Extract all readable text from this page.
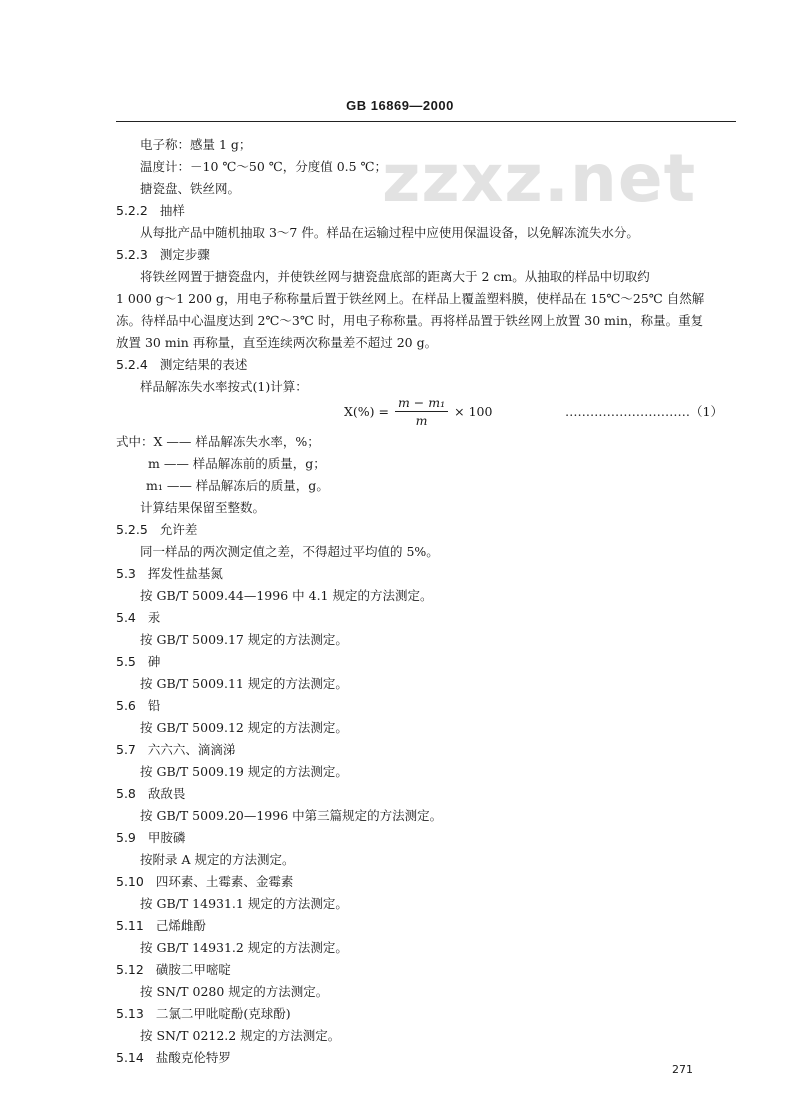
GB 16869—2000
zzxz.net
电子称：感量 1 g；
温度计：－10 ℃～50 ℃，分度值 0.5 ℃；
搪瓷盘、铁丝网。
5.2.2 抽样
从每批产品中随机抽取 3～7 件。样品在运输过程中应使用保温设备，以免解冻流失水分。
5.2.3 测定步骤
将铁丝网置于搪瓷盘内，并使铁丝网与搪瓷盘底部的距离大于 2 cm。从抽取的样品中切取约
1 000 g～1 200 g，用电子称称量后置于铁丝网上。在样品上覆盖塑料膜，使样品在 15℃～25℃ 自然解
冻。待样品中心温度达到 2℃～3℃ 时，用电子称称量。再将样品置于铁丝网上放置 30 min，称量。重复
放置 30 min 再称量，直至连续两次称量差不超过 20 g。
5.2.4 测定结果的表述
样品解冻失水率按式(1)计算：
$X(\%) = \frac{\text{m − m₁}}{m} \times 100$	…………………………（1）
式中：X —— 样品解冻失水率，%；
m —— 样品解冻前的质量，g；
m₁ —— 样品解冻后的质量，g。
计算结果保留至整数。
5.2.5 允许差
同一样品的两次测定值之差，不得超过平均值的 5%。
5.3 挥发性盐基氮
按 GB/T 5009.44—1996 中 4.1 规定的方法测定。
5.4 汞
按 GB/T 5009.17 规定的方法测定。
5.5 砷
按 GB/T 5009.11 规定的方法测定。
5.6 铅
按 GB/T 5009.12 规定的方法测定。
5.7 六六六、滴滴涕
按 GB/T 5009.19 规定的方法测定。
5.8 敌敌畏
按 GB/T 5009.20—1996 中第三篇规定的方法测定。
5.9 甲胺磷
按附录 A 规定的方法测定。
5.10 四环素、土霉素、金霉素
按 GB/T 14931.1 规定的方法测定。
5.11 己烯雌酚
按 GB/T 14931.2 规定的方法测定。
5.12 磺胺二甲嘧啶
按 SN/T 0280 规定的方法测定。
5.13 二氯二甲吡啶酚(克球酚)
按 SN/T 0212.2 规定的方法测定。
5.14 盐酸克伦特罗
271
